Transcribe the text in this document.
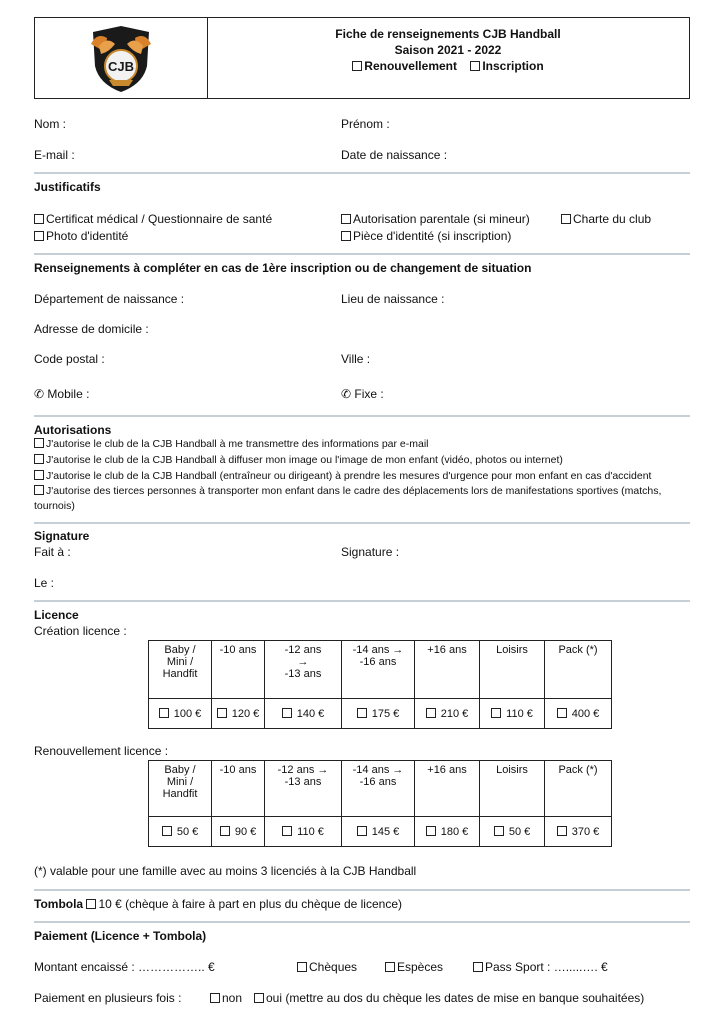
CJB
Fiche de renseignements CJB Handball
Saison 2021 - 2022
Renouvellement Inscription
Nom :	Prénom :
E-mail :	Date de naissance :
Justificatifs
Certificat médical / Questionnaire de santé	Autorisation parentale (si mineur)	Charte du club
Photo d'identité	Pièce d'identité (si inscription)
Renseignements à compléter en cas de 1ère inscription ou de changement de situation
Département de naissance :	Lieu de naissance :
Adresse de domicile :
Code postal :	Ville :
✆ Mobile :	✆ Fixe :
Autorisations
J'autorise le club de la CJB Handball à me transmettre des informations par e-mail
J'autorise le club de la CJB Handball à diffuser mon image ou l'image de mon enfant (vidéo, photos ou internet)
J'autorise le club de la CJB Handball (entraîneur ou dirigeant) à prendre les mesures d'urgence pour mon enfant en cas d'accident
J'autorise des tierces personnes à transporter mon enfant dans le cadre des déplacements lors de manifestations sportives (matchs,
tournois)
Signature
Fait à :	Signature :
Le :
Licence
Création licence :
Baby /
Mini /
Handfit	-10 ans	-12 ans
→
-13 ans	-14 ans →
-16 ans	+16 ans	Loisirs	Pack (*)
100 €	120 €	140 €	175 €	210 €	110 €	400 €
Renouvellement licence :
Baby /
Mini /
Handfit	-10 ans	-12 ans →
-13 ans	-14 ans →
-16 ans	+16 ans	Loisirs	Pack (*)
50 €	90 €	110 €	145 €	180 €	50 €	370 €
(*) valable pour une famille avec au moins 3 licenciés à la CJB Handball
Tombola 10 € (chèque à faire à part en plus du chèque de licence)
Paiement (Licence + Tombola)
Montant encaissé : …………….. €	Chèques	Espèces	Pass Sport : ….....…. €
Paiement en plusieurs fois :	non	oui (mettre au dos du chèque les dates de mise en banque souhaitées)
